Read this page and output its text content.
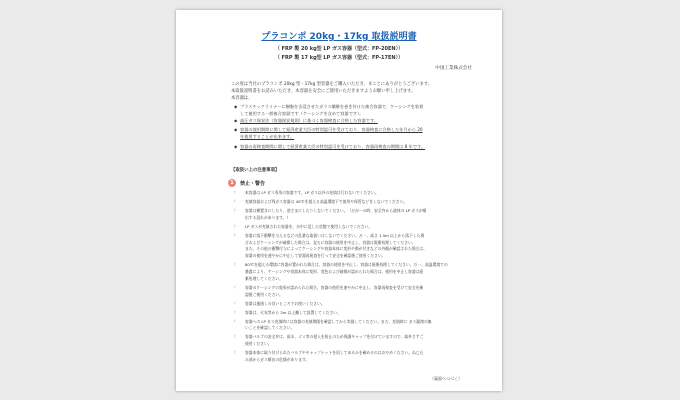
プラコンポ 20kg・17kg 取扱説明書
（ FRP 製 20 kg型 LP ガス容器（型式：FP-20EN））
（ FRP 製 17 kg型 LP ガス容器（型式：FP-17EN））
中国工業株式会社
この度は当社のプラコンポ 20kg 型・17kg 型容器をご購入いただき、まことにありがとうございます。
本取扱説明書をお読みいただき、本容器を安全にご使用いただきますようお願い申し上げます。
本容器は、
◆ プラスチックライナーに樹脂を含浸させたガラス繊維を巻き付けた複合容器で、ケーシングを装着
して使用する一般複合容器です（ケーシングを含めて容器です）。
◆ 高圧ガス保安法（容器保安規則）に基づく容器検査に合格した容器です。
◆ 容器の使用期間に関して経済産業大臣の特別認可を受けており、容器検査に合格した年月から 20
年使用することが出来ます。
◆ 容器の再検査期間に関して経済産業大臣の特別認可を受けており、容器再検査の期間は 8 年です。
【取扱い上の注意事項】
1	禁止・警告
！ 本容器は LP ガス専用の容器です。LP ガス以外の充填は行わないでください。
！ 充填容器および残ガス容器は 40℃を超える高温環境下で使用や保管などをしないでください。
！ 容器は横置きにしたり、逆さまにしたりしないでください。（万が一の時、安全弁から液体の LP ガスが噴
出する恐れがあります。）
！ LP ガスが充填された容器を、水中に浸した状態で使用しないでください。
！ 容器に落下衝撃を与えるなどの乱暴な取扱いはしないでください。万一、高さ 1.5m 以上から落下した場
合およびケーシングが破損した場合は、直ちに容器の使用を中止し、容器は廃棄処理してください。
また、その他の衝撃付与によってケーシングや容器本体に変形や傷が付きなどの外観が確認された場合は、
容器の使用を速やかに中止して容器再検査を行って安全を確認後ご使用ください。
！ 80℃を超える環境に容器が置かれた場合は、容器の使用を中止し、容器は廃棄処理してください。万一、高温環境での
暴露により、ケーシングや容器本体に変形、変色および破損が認められた場合は、使用を中止し容器は廃
棄処理してください。
！ 容器のケーシングの変形が認められた場合、容器の使用を速やかに中止し、容器再検査を受けて安全を確
認後ご使用ください。
！ 容器は風通しの良いところでお使いください。
！ 容器は、火気等から 2m 以上離して設置してください。
！ 容器への LP ガス充填時には容器の充填期限を確認してから実施してください。また、充填時に ガス漏洩の無
いことを確認してください。
！ 容器バルブの安全弁は、雨水、ゴミ等の侵入を防止のため保護キャップを付けていますので、取外さずご
使用ください。
！ 容器本体に取り付けられたバルブやキャップナットを回してゆるみを確めるのはおやめください。ねじ込
み部からガス噴出の危険があります。
（裏面へつづく）
